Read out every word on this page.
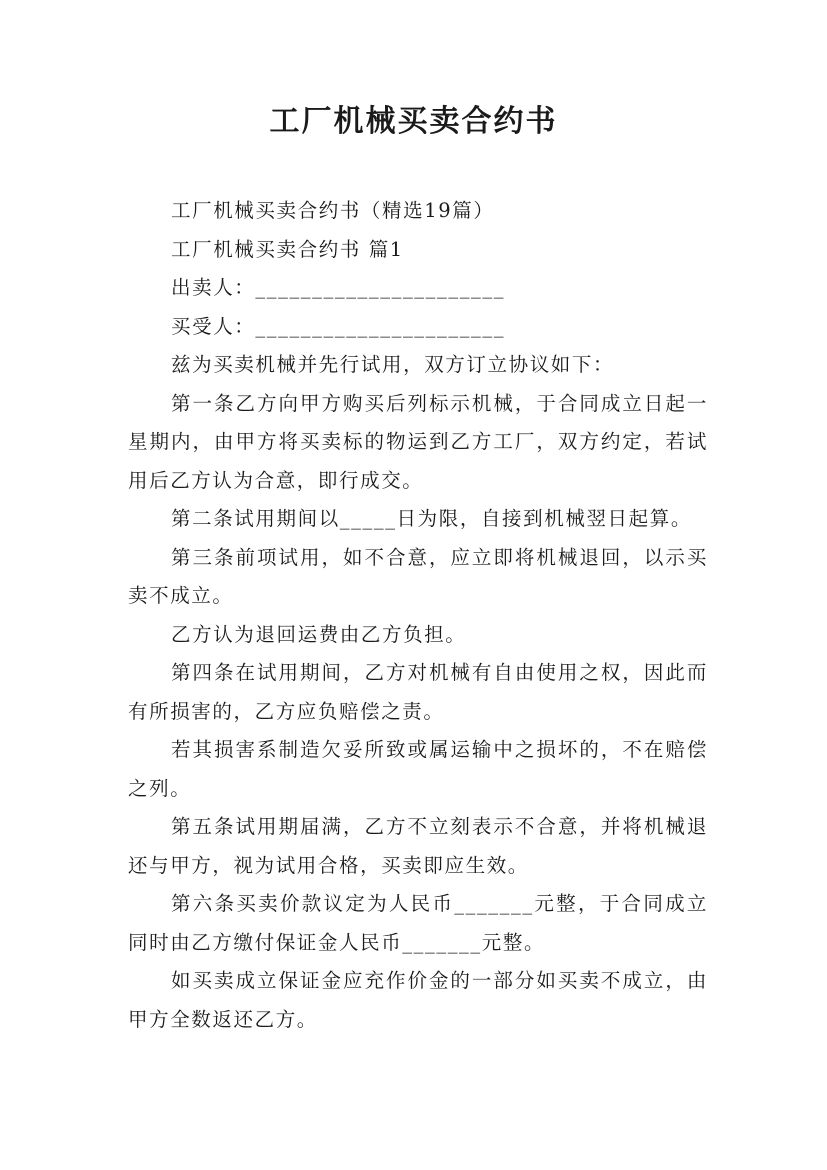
工厂机械买卖合约书

工厂机械买卖合约书（精选19篇）

工厂机械买卖合约书 篇1

出卖人：______________________

买受人：______________________

兹为买卖机械并先行试用，双方订立协议如下：

第一条乙方向甲方购买后列标示机械，于合同成立日起一星期内，由甲方将买卖标的物运到乙方工厂，双方约定，若试用后乙方认为合意，即行成交。

第二条试用期间以_____日为限，自接到机械翌日起算。

第三条前项试用，如不合意，应立即将机械退回，以示买卖不成立。

乙方认为退回运费由乙方负担。

第四条在试用期间，乙方对机械有自由使用之权，因此而有所损害的，乙方应负赔偿之责。

若其损害系制造欠妥所致或属运输中之损坏的，不在赔偿之列。

第五条试用期届满，乙方不立刻表示不合意，并将机械退还与甲方，视为试用合格，买卖即应生效。

第六条买卖价款议定为人民币_______元整，于合同成立同时由乙方缴付保证金人民币_______元整。

如买卖成立保证金应充作价金的一部分如买卖不成立，由甲方全数返还乙方。
